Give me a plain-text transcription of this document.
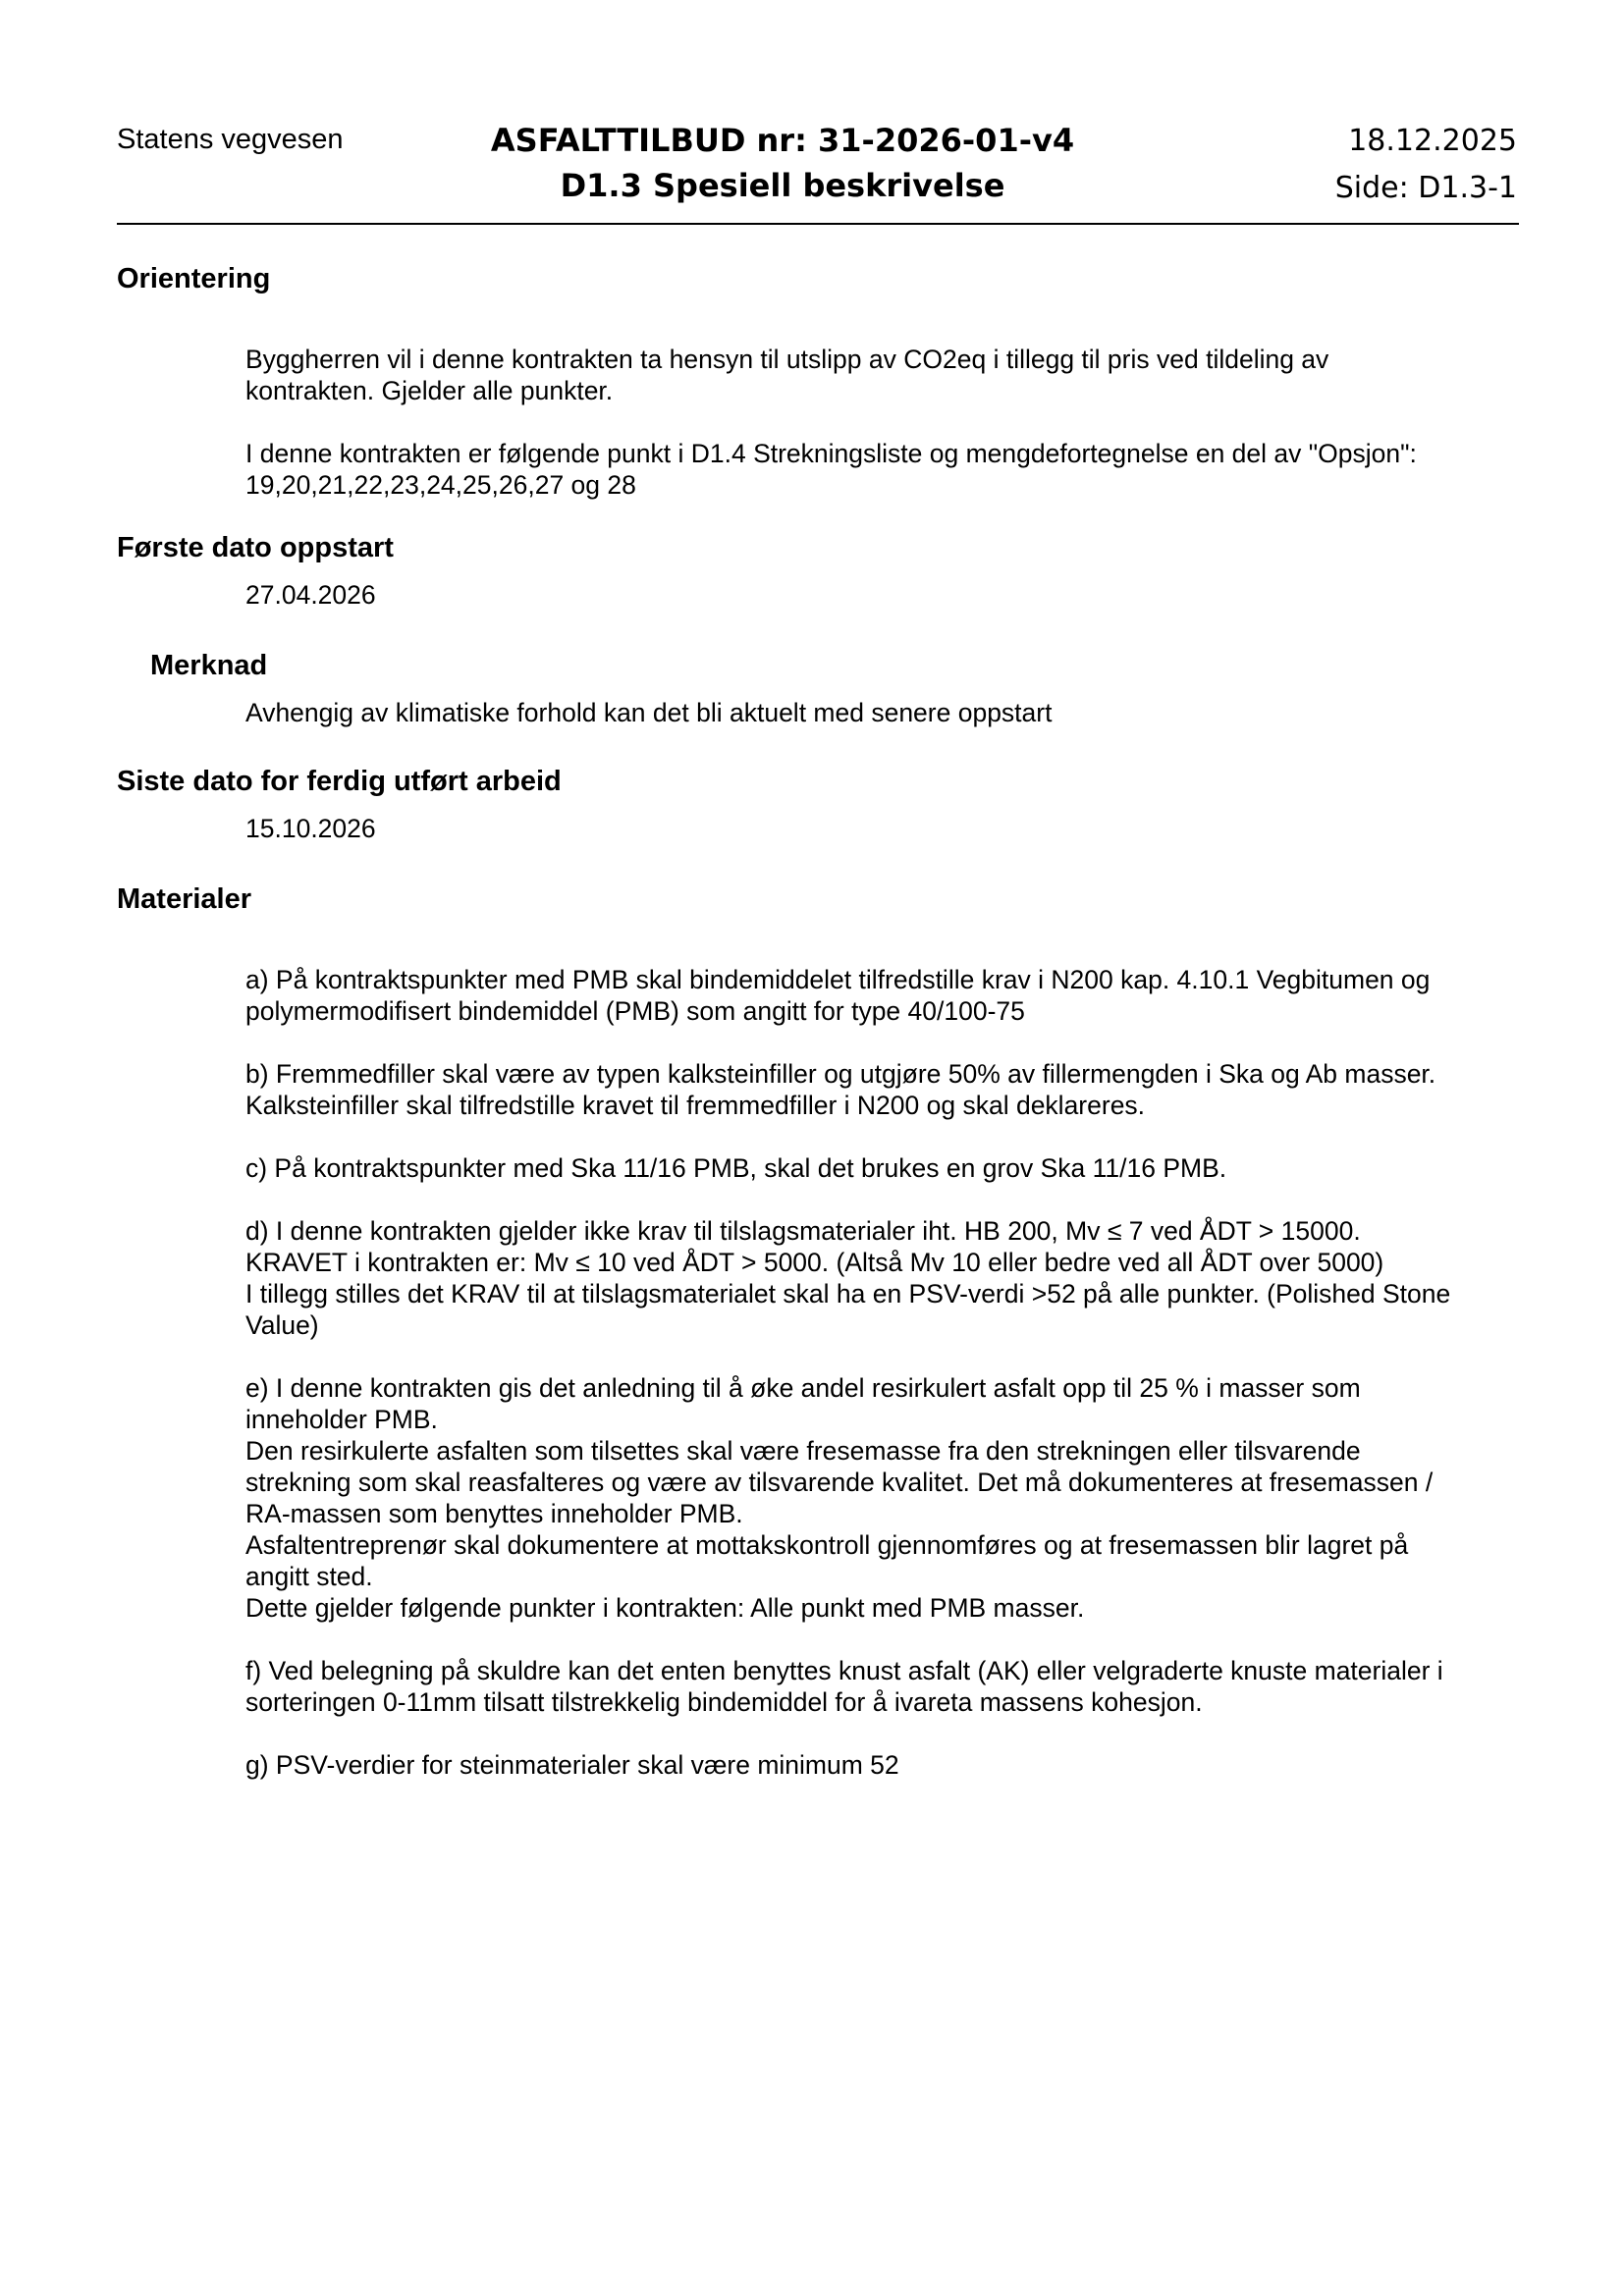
Statens vegvesen	ASFALTTILBUD nr: 31-2026-01-v4
D1.3 Spesiell beskrivelse
18.12.2025
Side: D1.3-1
Orientering
Byggherren vil i denne kontrakten ta hensyn til utslipp av CO2eq i tillegg til pris ved tildeling av
kontrakten. Gjelder alle punkter.
I denne kontrakten er følgende punkt i D1.4 Strekningsliste og mengdefortegnelse en del av "Opsjon":
19,20,21,22,23,24,25,26,27 og 28
Første dato oppstart
27.04.2026
Merknad
Avhengig av klimatiske forhold kan det bli aktuelt med senere oppstart
Siste dato for ferdig utført arbeid
15.10.2026
Materialer
a) På kontraktspunkter med PMB skal bindemiddelet tilfredstille krav i N200 kap. 4.10.1 Vegbitumen og
polymermodifisert bindemiddel (PMB) som angitt for type 40/100-75
b) Fremmedfiller skal være av typen kalksteinfiller og utgjøre 50% av fillermengden i Ska og Ab masser.
Kalksteinfiller skal tilfredstille kravet til fremmedfiller i N200 og skal deklareres.
c) På kontraktspunkter med Ska 11/16 PMB, skal det brukes en grov Ska 11/16 PMB.
d) I denne kontrakten gjelder ikke krav til tilslagsmaterialer iht. HB 200, Mv ≤ 7 ved ÅDT > 15000.
KRAVET i kontrakten er: Mv ≤ 10 ved ÅDT > 5000. (Altså Mv 10 eller bedre ved all ÅDT over 5000)
I tillegg stilles det KRAV til at tilslagsmaterialet skal ha en PSV-verdi >52 på alle punkter. (Polished Stone
Value)
e) I denne kontrakten gis det anledning til å øke andel resirkulert asfalt opp til 25 % i masser som
inneholder PMB.
Den resirkulerte asfalten som tilsettes skal være fresemasse fra den strekningen eller tilsvarende
strekning som skal reasfalteres og være av tilsvarende kvalitet. Det må dokumenteres at fresemassen /
RA-massen som benyttes inneholder PMB.
Asfaltentreprenør skal dokumentere at mottakskontroll gjennomføres og at fresemassen blir lagret på
angitt sted.
Dette gjelder følgende punkter i kontrakten: Alle punkt med PMB masser.
f) Ved belegning på skuldre kan det enten benyttes knust asfalt (AK) eller velgraderte knuste materialer i
sorteringen 0-11mm tilsatt tilstrekkelig bindemiddel for å ivareta massens kohesjon.
g) PSV-verdier for steinmaterialer skal være minimum 52
